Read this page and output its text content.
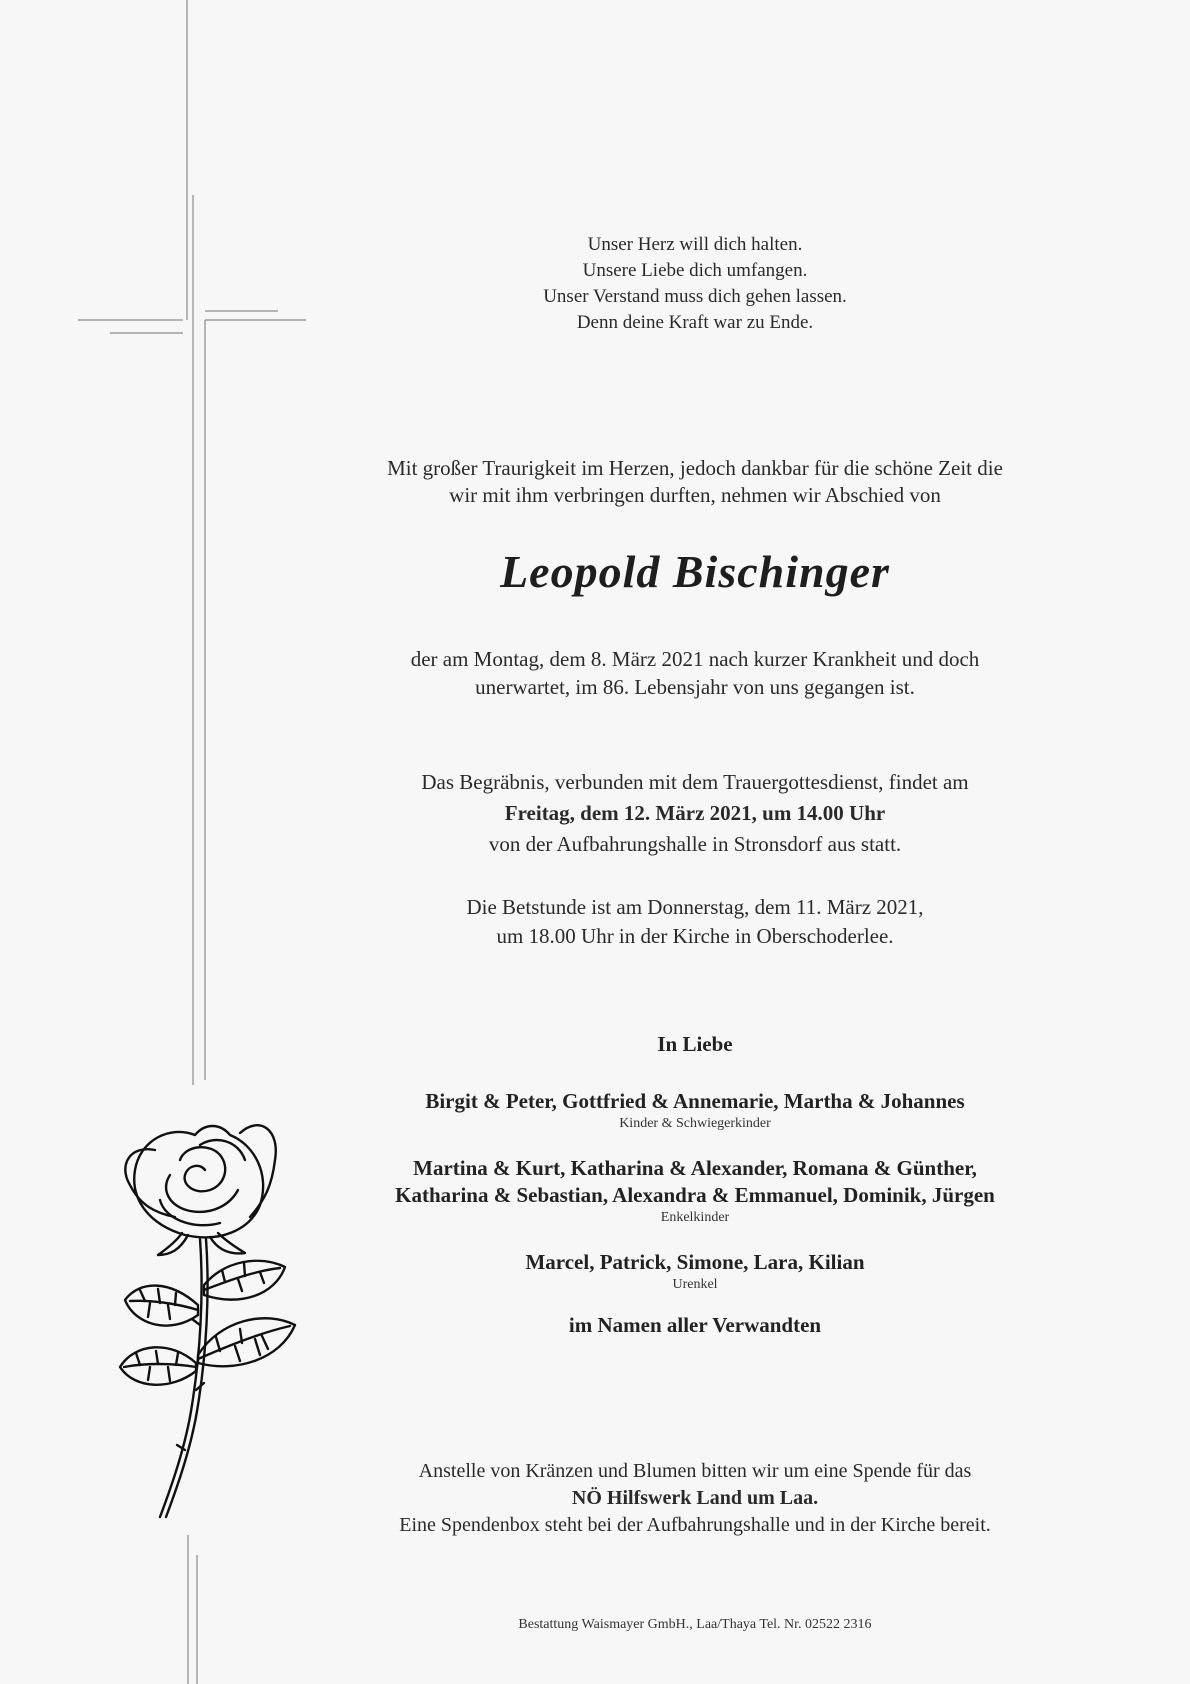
Unser Herz will dich halten.
Unsere Liebe dich umfangen.
Unser Verstand muss dich gehen lassen.
Denn deine Kraft war zu Ende.
Mit großer Traurigkeit im Herzen, jedoch dankbar für die schöne Zeit die
wir mit ihm verbringen durften, nehmen wir Abschied von
Leopold Bischinger
der am Montag, dem 8. März 2021 nach kurzer Krankheit und doch
unerwartet, im 86. Lebensjahr von uns gegangen ist.
Das Begräbnis, verbunden mit dem Trauergottesdienst, findet am
Freitag, dem 12. März 2021, um 14.00 Uhr
von der Aufbahrungshalle in Stronsdorf aus statt.
Die Betstunde ist am Donnerstag, dem 11. März 2021,
um 18.00 Uhr in der Kirche in Oberschoderlee.
In Liebe
Birgit & Peter, Gottfried & Annemarie, Martha & Johannes
Kinder & Schwiegerkinder
Martina & Kurt, Katharina & Alexander, Romana & Günther,
Katharina & Sebastian, Alexandra & Emmanuel, Dominik, Jürgen
Enkelkinder
Marcel, Patrick, Simone, Lara, Kilian
Urenkel
im Namen aller Verwandten
Anstelle von Kränzen und Blumen bitten wir um eine Spende für das
NÖ Hilfswerk Land um Laa.
Eine Spendenbox steht bei der Aufbahrungshalle und in der Kirche bereit.
Bestattung Waismayer GmbH., Laa/Thaya Tel. Nr. 02522 2316
